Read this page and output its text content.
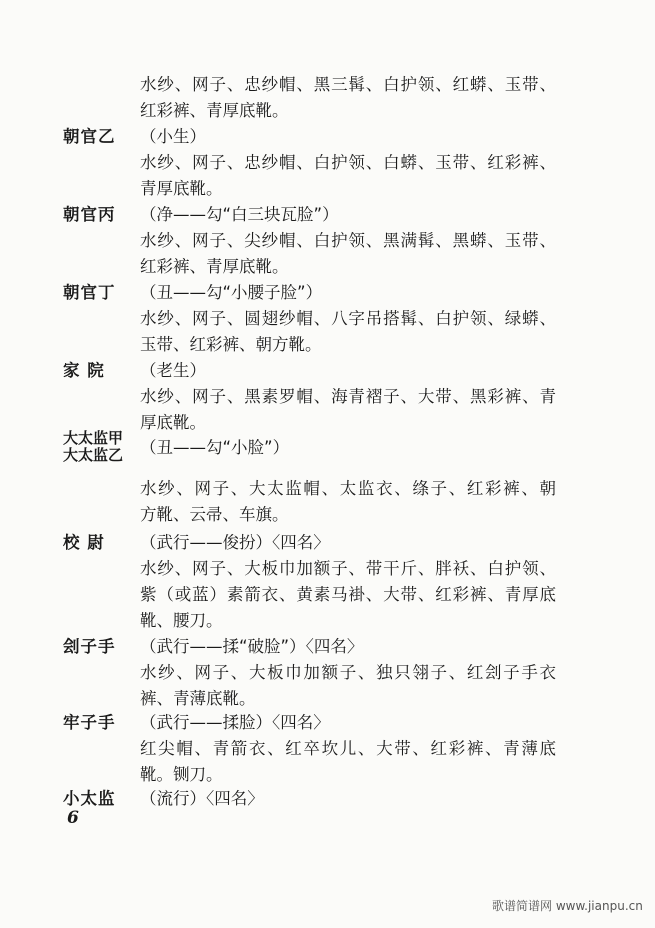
水纱、网子、忠纱帽、黑三髯、白护领、红蟒、玉带、
红彩裤、青厚底靴。
朝官乙	（小生）
水纱、网子、忠纱帽、白护领、白蟒、玉带、红彩裤、
青厚底靴。
朝官丙	（净——勾“白三块瓦脸”）
水纱、网子、尖纱帽、白护领、黑满髯、黑蟒、玉带、
红彩裤、青厚底靴。
朝官丁	（丑——勾“小腰子脸”）
水纱、网子、圆翅纱帽、八字吊搭髯、白护领、绿蟒、
玉带、红彩裤、朝方靴。
家 院	（老生）
水纱、网子、黑素罗帽、海青褶子、大带、黑彩裤、青
厚底靴。
大太监甲
大太监乙 （丑——勾“小脸”）
水纱、网子、大太监帽、太监衣、绦子、红彩裤、朝
方靴、云帚、车旗。
校 尉	（武行——俊扮）〈四名〉
水纱、网子、大板巾加额子、带干斤、胖袄、白护领、
紫（或蓝）素箭衣、黄素马褂、大带、红彩裤、青厚底
靴、腰刀。
刽子手	（武行——揉“破脸”）〈四名〉
水纱、网子、大板巾加额子、独只翎子、红刽子手衣
裤、青薄底靴。
牢子手	（武行——揉脸）〈四名〉
红尖帽、青箭衣、红卒坎儿、大带、红彩裤、青薄底
靴。铡刀。
小太监	（流行）〈四名〉
6
歌谱简谱网 www.jianpu.cn
